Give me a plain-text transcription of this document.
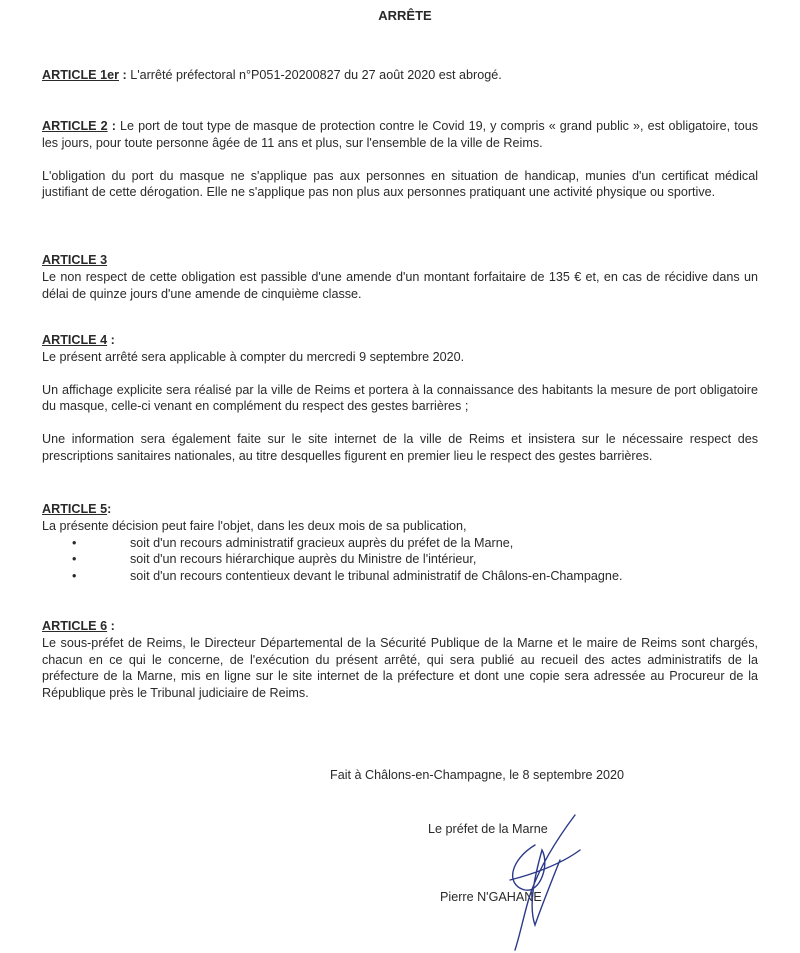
ARRÊTE

ARTICLE 1er : L'arrêté préfectoral n°P051-20200827 du 27 août 2020 est abrogé.

ARTICLE 2 : Le port de tout type de masque de protection contre le Covid 19, y compris « grand public », est obligatoire, tous les jours, pour toute personne âgée de 11 ans et plus, sur l'ensemble de la ville de Reims.

L'obligation du port du masque ne s'applique pas aux personnes en situation de handicap, munies d'un certificat médical justifiant de cette dérogation. Elle ne s'applique pas non plus aux personnes pratiquant une activité physique ou sportive.

ARTICLE 3

Le non respect de cette obligation est passible d'une amende d'un montant forfaitaire de 135 € et, en cas de récidive dans un délai de quinze jours d'une amende de cinquième classe.

ARTICLE 4 :

Le présent arrêté sera applicable à compter du mercredi 9 septembre 2020.

Un affichage explicite sera réalisé par la ville de Reims et portera à la connaissance des habitants la mesure de port obligatoire du masque, celle-ci venant en complément du respect des gestes barrières ;

Une information sera également faite sur le site internet de la ville de Reims et insistera sur le nécessaire respect des prescriptions sanitaires nationales, au titre desquelles figurent en premier lieu le respect des gestes barrières.

ARTICLE 5:

La présente décision peut faire l'objet, dans les deux mois de sa publication,

• soit d'un recours administratif gracieux auprès du préfet de la Marne,
• soit d'un recours hiérarchique auprès du Ministre de l'intérieur,
• soit d'un recours contentieux devant le tribunal administratif de Châlons-en-Champagne.

ARTICLE 6 :

Le sous-préfet de Reims, le Directeur Départemental de la Sécurité Publique de la Marne et le maire de Reims sont chargés, chacun en ce qui le concerne, de l'exécution du présent arrêté, qui sera publié au recueil des actes administratifs de la préfecture de la Marne, mis en ligne sur le site internet de la préfecture et dont une copie sera adressée au Procureur de la République près le Tribunal judiciaire de Reims.

Fait à Châlons-en-Champagne, le 8 septembre 2020
Le préfet de la Marne
Pierre N'GAHANE
